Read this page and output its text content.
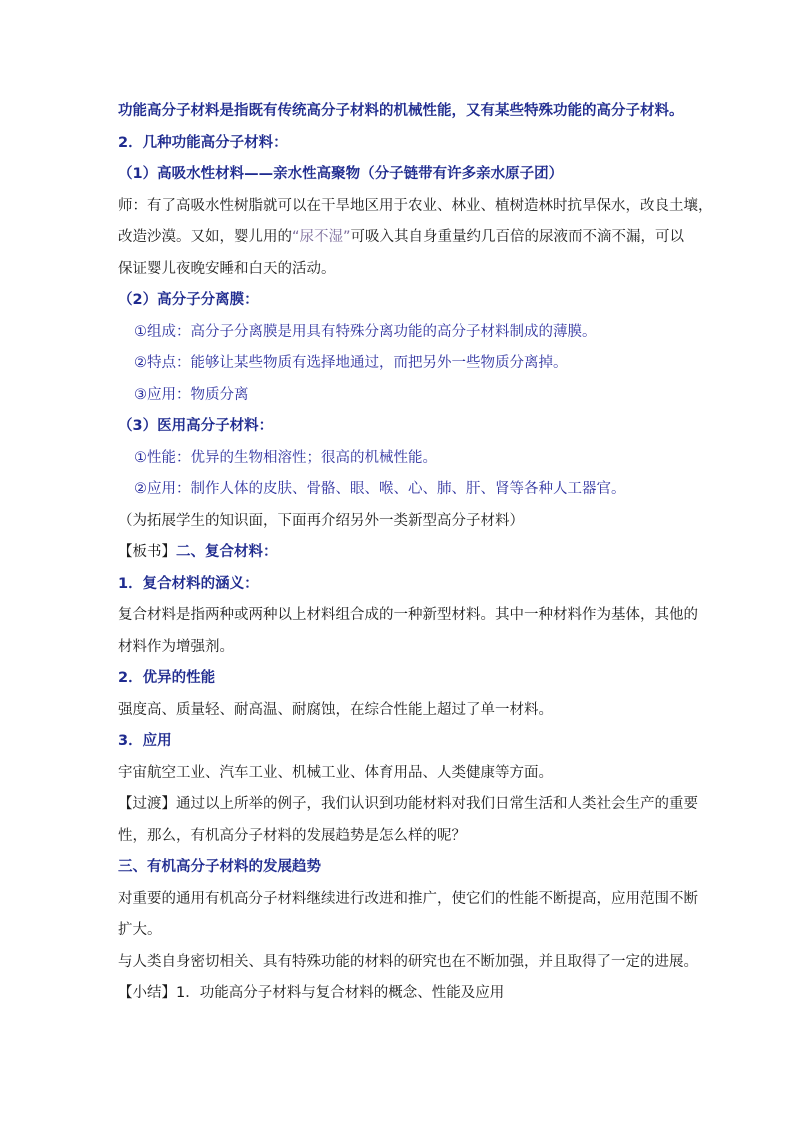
功能高分子材料是指既有传统高分子材料的机械性能，又有某些特殊功能的高分子材料。
2．几种功能高分子材料：
（1）高吸水性材料——亲水性高聚物（分子链带有许多亲水原子团）
师：有了高吸水性树脂就可以在干旱地区用于农业、林业、植树造林时抗旱保水，改良土壤，
改造沙漠。又如，婴儿用的“尿不湿”可吸入其自身重量约几百倍的尿液而不滴不漏，可以
保证婴儿夜晚安睡和白天的活动。
（2）高分子分离膜：
①组成：高分子分离膜是用具有特殊分离功能的高分子材料制成的薄膜。
②特点：能够让某些物质有选择地通过，而把另外一些物质分离掉。
③应用：物质分离
（3）医用高分子材料：
①性能：优异的生物相溶性；很高的机械性能。
②应用：制作人体的皮肤、骨骼、眼、喉、心、肺、肝、肾等各种人工器官。
（为拓展学生的知识面，下面再介绍另外一类新型高分子材料）
【板书】二、复合材料：
1．复合材料的涵义：
复合材料是指两种或两种以上材料组合成的一种新型材料。其中一种材料作为基体，其他的
材料作为增强剂。
2．优异的性能
强度高、质量轻、耐高温、耐腐蚀，在综合性能上超过了单一材料。
3．应用
宇宙航空工业、汽车工业、机械工业、体育用品、人类健康等方面。
【过渡】通过以上所举的例子，我们认识到功能材料对我们日常生活和人类社会生产的重要
性，那么，有机高分子材料的发展趋势是怎么样的呢？
三、有机高分子材料的发展趋势
对重要的通用有机高分子材料继续进行改进和推广，使它们的性能不断提高，应用范围不断
扩大。
与人类自身密切相关、具有特殊功能的材料的研究也在不断加强，并且取得了一定的进展。
【小结】1．功能高分子材料与复合材料的概念、性能及应用
